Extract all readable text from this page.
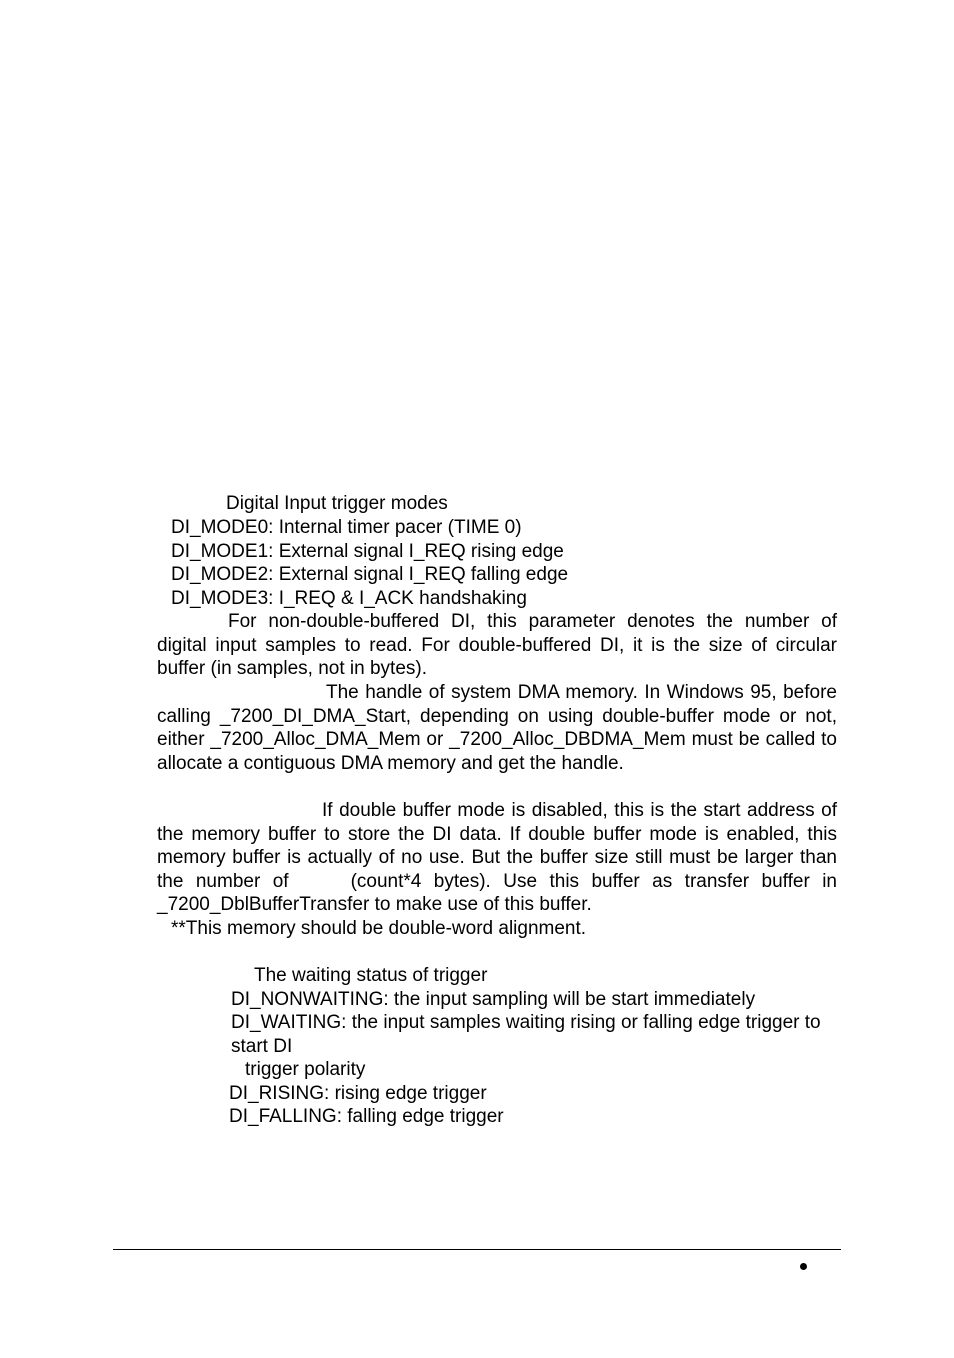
Digital Input trigger modes
DI_MODE0: Internal timer pacer (TIME 0)
DI_MODE1: External signal I_REQ rising edge
DI_MODE2: External signal I_REQ falling edge
DI_MODE3: I_REQ & I_ACK handshaking
For non-double-buffered DI, this parameter denotes the number of digital input samples to read. For double-buffered DI, it is the size of circular buffer (in samples, not in bytes).
The handle of system DMA memory. In Windows 95, before calling _7200_DI_DMA_Start, depending on using double-buffer mode or not, either _7200_Alloc_DMA_Mem or _7200_Alloc_DBDMA_Mem must be called to allocate a contiguous DMA memory and get the handle.
If double buffer mode is disabled, this is the start address of the memory buffer to store the DI data. If double buffer mode is enabled, this memory buffer is actually of no use. But the buffer size still must be larger than the number of	(count*4 bytes). Use this buffer as transfer buffer in _7200_DblBufferTransfer to make use of this buffer.
**This memory should be double-word alignment.
The waiting status of trigger
DI_NONWAITING: the input sampling will be start immediately
DI_WAITING: the input samples waiting rising or falling edge trigger to start DI
trigger polarity
DI_RISING: rising edge trigger
DI_FALLING: falling edge trigger
